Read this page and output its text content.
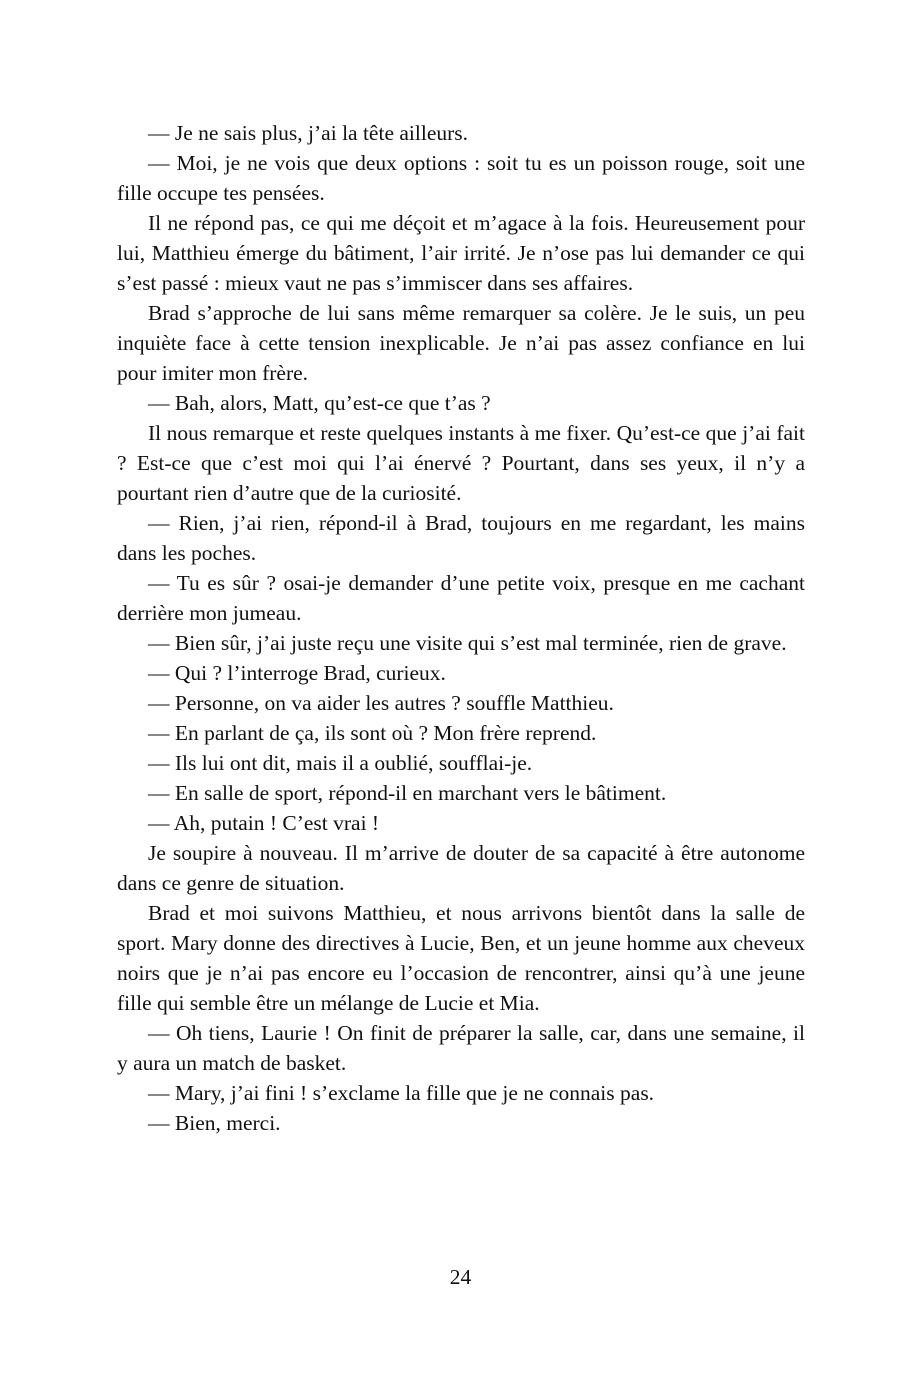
— Je ne sais plus, j’ai la tête ailleurs.

— Moi, je ne vois que deux options : soit tu es un poisson rouge, soit une fille occupe tes pensées.

Il ne répond pas, ce qui me déçoit et m’agace à la fois. Heureusement pour lui, Matthieu émerge du bâtiment, l’air irrité. Je n’ose pas lui demander ce qui s’est passé : mieux vaut ne pas s’immiscer dans ses affaires.

Brad s’approche de lui sans même remarquer sa colère. Je le suis, un peu inquiète face à cette tension inexplicable. Je n’ai pas assez confiance en lui pour imiter mon frère.

— Bah, alors, Matt, qu’est-ce que t’as ?

Il nous remarque et reste quelques instants à me fixer. Qu’est-ce que j’ai fait ? Est-ce que c’est moi qui l’ai énervé ? Pourtant, dans ses yeux, il n’y a pourtant rien d’autre que de la curiosité.

— Rien, j’ai rien, répond-il à Brad, toujours en me regardant, les mains dans les poches.

— Tu es sûr ? osai-je demander d’une petite voix, presque en me cachant derrière mon jumeau.

— Bien sûr, j’ai juste reçu une visite qui s’est mal terminée, rien de grave.

— Qui ? l’interroge Brad, curieux.

— Personne, on va aider les autres ? souffle Matthieu.

— En parlant de ça, ils sont où ? Mon frère reprend.

— Ils lui ont dit, mais il a oublié, soufflai-je.

— En salle de sport, répond-il en marchant vers le bâtiment.

— Ah, putain ! C’est vrai !

Je soupire à nouveau. Il m’arrive de douter de sa capacité à être autonome dans ce genre de situation.

Brad et moi suivons Matthieu, et nous arrivons bientôt dans la salle de sport. Mary donne des directives à Lucie, Ben, et un jeune homme aux cheveux noirs que je n’ai pas encore eu l’occasion de rencontrer, ainsi qu’à une jeune fille qui semble être un mélange de Lucie et Mia.

— Oh tiens, Laurie ! On finit de préparer la salle, car, dans une semaine, il y aura un match de basket.

— Mary, j’ai fini ! s’exclame la fille que je ne connais pas.

— Bien, merci.

24
